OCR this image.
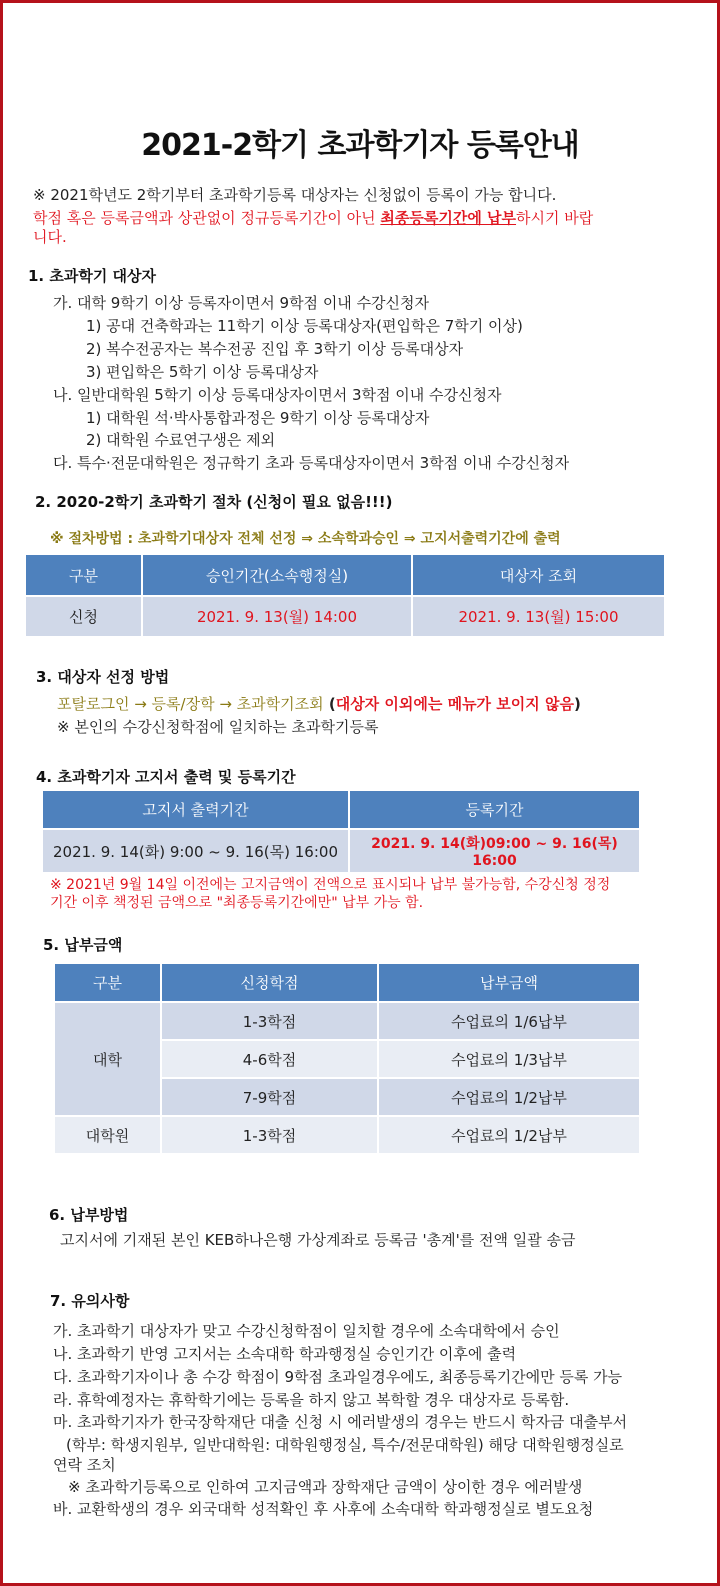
2021-2학기 초과학기자 등록안내
※ 2021학년도 2학기부터 초과학기등록 대상자는 신청없이 등록이 가능 합니다.
학점 혹은 등록금액과 상관없이 정규등록기간이 아닌 최종등록기간에 납부하시기 바랍
니다.
1. 초과학기 대상자
가. 대학 9학기 이상 등록자이면서 9학점 이내 수강신청자
1) 공대 건축학과는 11학기 이상 등록대상자(편입학은 7학기 이상)
2) 복수전공자는 복수전공 진입 후 3학기 이상 등록대상자
3) 편입학은 5학기 이상 등록대상자
나. 일반대학원 5학기 이상 등록대상자이면서 3학점 이내 수강신청자
1) 대학원 석·박사통합과정은 9학기 이상 등록대상자
2) 대학원 수료연구생은 제외
다. 특수·전문대학원은 정규학기 초과 등록대상자이면서 3학점 이내 수강신청자
2. 2020-2학기 초과학기 절차 (신청이 필요 없음!!!)
※ 절차방법 : 초과학기대상자 전체 선정 ⇒ 소속학과승인 ⇒ 고지서출력기간에 출력
구분	승인기간(소속행정실)	대상자 조회
신청	2021. 9. 13(월) 14:00	2021. 9. 13(월) 15:00
3. 대상자 선정 방법
포탈로그인 → 등록/장학 → 초과학기조회 (대상자 이외에는 메뉴가 보이지 않음)
※ 본인의 수강신청학점에 일치하는 초과학기등록
4. 초과학기자 고지서 출력 및 등록기간
고지서 출력기간	등록기간
2021. 9. 14(화) 9:00 ~ 9. 16(목) 16:00	2021. 9. 14(화)09:00 ~ 9. 16(목) 16:00
※ 2021년 9월 14일 이전에는 고지금액이 전액으로 표시되나 납부 불가능함, 수강신청 정정
기간 이후 책정된 금액으로 "최종등록기간에만" 납부 가능 함.
5. 납부금액
구분	신청학점	납부금액
대학	1-3학점	수업료의 1/6납부
	4-6학점	수업료의 1/3납부
	7-9학점	수업료의 1/2납부
대학원	1-3학점	수업료의 1/2납부
6. 납부방법
고지서에 기재된 본인 KEB하나은행 가상계좌로 등록금 '총계'를 전액 일괄 송금
7. 유의사항
가. 초과학기 대상자가 맞고 수강신청학점이 일치할 경우에 소속대학에서 승인
나. 초과학기 반영 고지서는 소속대학 학과행정실 승인기간 이후에 출력
다. 초과학기자이나 총 수강 학점이 9학점 초과일경우에도, 최종등록기간에만 등록 가능
라. 휴학예정자는 휴학학기에는 등록을 하지 않고 복학할 경우 대상자로 등록함.
마. 초과학기자가 한국장학재단 대출 신청 시 에러발생의 경우는 반드시 학자금 대출부서
(학부: 학생지원부, 일반대학원: 대학원행정실, 특수/전문대학원) 해당 대학원행정실로
연락 조치
※ 초과학기등록으로 인하여 고지금액과 장학재단 금액이 상이한 경우 에러발생
바. 교환학생의 경우 외국대학 성적확인 후 사후에 소속대학 학과행정실로 별도요청
